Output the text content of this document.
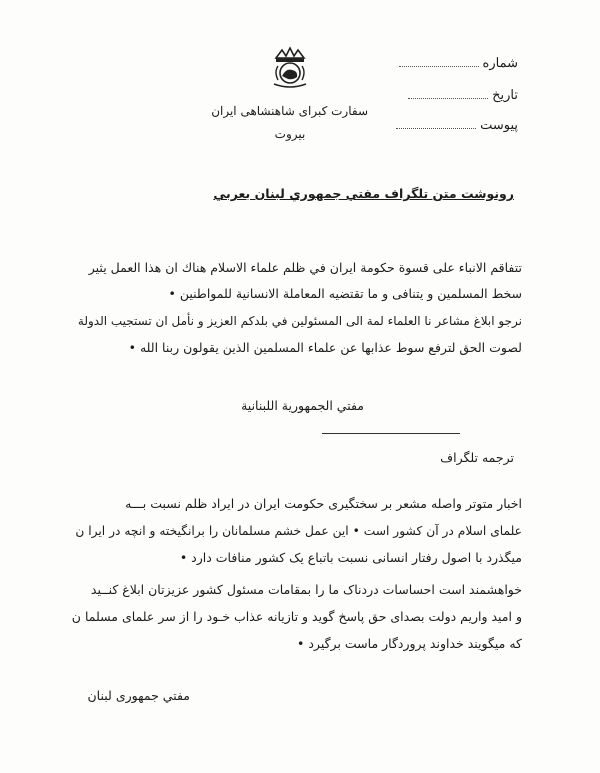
سفارت کبرای شاهنشاهی ایران
بیروت
شماره
تاریخ
پیوست
رونوشت متن تلگراف مفتي جمهوري لبنان بعربي
تتفاقم الانباء على قسوة حكومة ايران في ظلم علماء الاسلام هناك ان هذا العمل يثير
سخط المسلمين و يتنافى و ما تقتضيه المعاملة الانسانية للمواطنين •
نرجو ابلاغ مشاعر نا العلماء لمة الى المسئولين في بلدكم العزيز و نأمل ان تستجيب الدولة
لصوت الحق لترفع سوط عذابها عن علماء المسلمين الذين يقولون ربنا الله •
مفتي الجمهورية اللبنانية
ترجمه تلگراف
اخبار متوتر واصله مشعر بر سختگیری حکومت ایران در ایراد ظلم نسبت بـــه
علمای اسلام در آن کشور است • این عمل خشم مسلمانان را برانگیخته و انچه در ایرا ن
میگذرد با اصول رفتار انسانی نسبت باتباع یک کشور منافات دارد •
خواهشمند است احساسات دردناک ما را بمقامات مسئول کشور عزیزتان ابلاغ کنــید
و امید واریم دولت بصدای حق پاسخ گوید و تازیانه عذاب خـود را از سر علمای مسلما ن
که میگویند خداوند پروردگار ماست برگیرد •
مفتي جمهوری لبنان
